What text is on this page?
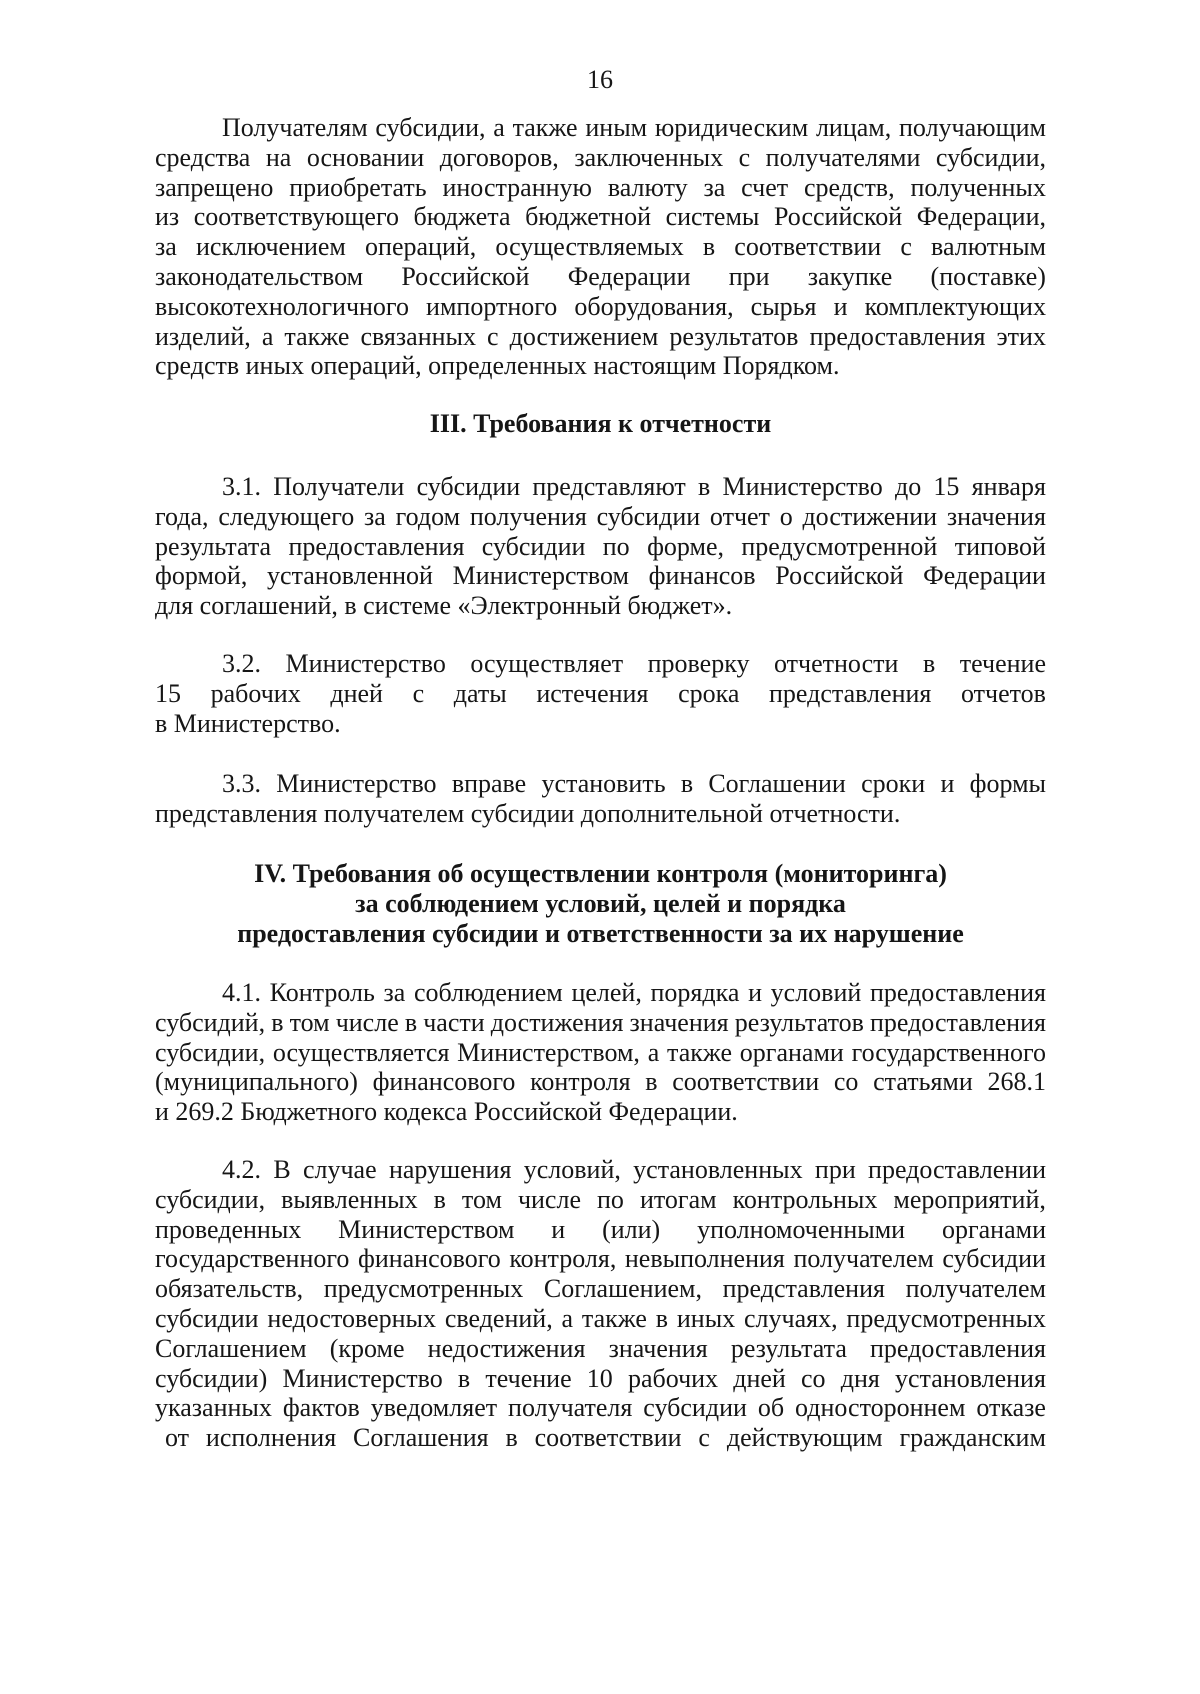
16
Получателям субсидии, а также иным юридическим лицам, получающим
средства на основании договоров, заключенных с получателями субсидии,
запрещено приобретать иностранную валюту за счет средств, полученных
из соответствующего бюджета бюджетной системы Российской Федерации,
за исключением операций, осуществляемых в соответствии с валютным
законодательством Российской Федерации при закупке (поставке)
высокотехнологичного импортного оборудования, сырья и комплектующих
изделий, а также связанных с достижением результатов предоставления этих
средств иных операций, определенных настоящим Порядком.
III. Требования к отчетности
3.1. Получатели субсидии представляют в Министерство до 15 января
года, следующего за годом получения субсидии отчет о достижении значения
результата предоставления субсидии по форме, предусмотренной типовой
формой, установленной Министерством финансов Российской Федерации
для соглашений, в системе «Электронный бюджет».
3.2. Министерство осуществляет проверку отчетности в течение
15 рабочих дней с даты истечения срока представления отчетов
в Министерство.
3.3. Министерство вправе установить в Соглашении сроки и формы
представления получателем субсидии дополнительной отчетности.
IV. Требования об осуществлении контроля (мониторинга)
за соблюдением условий, целей и порядка
предоставления субсидии и ответственности за их нарушение
4.1. Контроль за соблюдением целей, порядка и условий предоставления
субсидий, в том числе в части достижения значения результатов предоставления
субсидии, осуществляется Министерством, а также органами государственного
(муниципального) финансового контроля в соответствии со статьями 268.1
и 269.2 Бюджетного кодекса Российской Федерации.
4.2. В случае нарушения условий, установленных при предоставлении
субсидии, выявленных в том числе по итогам контрольных мероприятий,
проведенных Министерством и (или) уполномоченными органами
государственного финансового контроля, невыполнения получателем субсидии
обязательств, предусмотренных Соглашением, представления получателем
субсидии недостоверных сведений, а также в иных случаях, предусмотренных
Соглашением (кроме недостижения значения результата предоставления
субсидии) Министерство в течение 10 рабочих дней со дня установления
указанных фактов уведомляет получателя субсидии об одностороннем отказе
от исполнения Соглашения в соответствии с действующим гражданским
